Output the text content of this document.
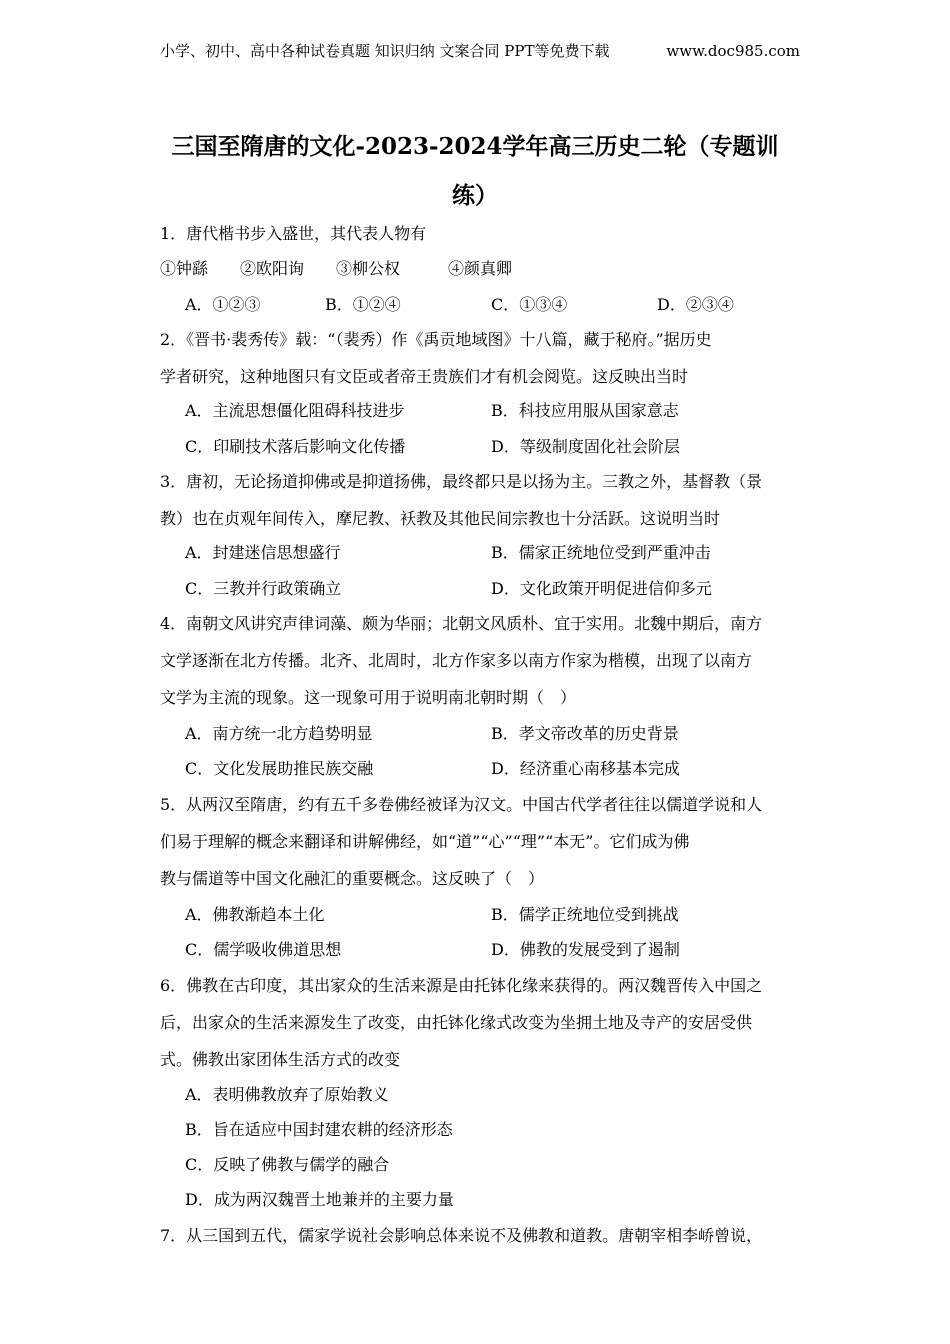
小学、初中、高中各种试卷真题 知识归纳 文案合同 PPT等免费下载	www.doc985.com
三国至隋唐的文化-2023-2024学年高三历史二轮（专题训
练）
1．唐代楷书步入盛世，其代表人物有
①钟繇　　②欧阳询　　③柳公权　　　④颜真卿
A．①②③	B．①②④	C．①③④	D．②③④
2．《晋书·裴秀传》载：“（裴秀）作《禹贡地域图》十八篇，藏于秘府。”据历史
学者研究，这种地图只有文臣或者帝王贵族们才有机会阅览。这反映出当时
A．主流思想僵化阻碍科技进步	B．科技应用服从国家意志
C．印刷技术落后影响文化传播	D．等级制度固化社会阶层
3．唐初，无论扬道抑佛或是抑道扬佛，最终都只是以扬为主。三教之外，基督教（景
教）也在贞观年间传入，摩尼教、袄教及其他民间宗教也十分活跃。这说明当时
A．封建迷信思想盛行	B．儒家正统地位受到严重冲击
C．三教并行政策确立	D．文化政策开明促进信仰多元
4．南朝文风讲究声律词藻、颇为华丽；北朝文风质朴、宜于实用。北魏中期后，南方
文学逐渐在北方传播。北齐、北周时，北方作家多以南方作家为楷模，出现了以南方
文学为主流的现象。这一现象可用于说明南北朝时期（　）
A．南方统一北方趋势明显	B．孝文帝改革的历史背景
C．文化发展助推民族交融	D．经济重心南移基本完成
5．从两汉至隋唐，约有五千多卷佛经被译为汉文。中国古代学者往往以儒道学说和人
们易于理解的概念来翻译和讲解佛经，如“道”“心”“理”“本无”。它们成为佛
教与儒道等中国文化融汇的重要概念。这反映了（　）
A．佛教渐趋本土化	B．儒学正统地位受到挑战
C．儒学吸收佛道思想	D．佛教的发展受到了遏制
6．佛教在古印度，其出家众的生活来源是由托钵化缘来获得的。两汉魏晋传入中国之
后，出家众的生活来源发生了改变，由托钵化缘式改变为坐拥土地及寺产的安居受供
式。佛教出家团体生活方式的改变
A．表明佛教放弃了原始教义
B．旨在适应中国封建农耕的经济形态
C．反映了佛教与儒学的融合
D．成为两汉魏晋土地兼并的主要力量
7．从三国到五代，儒家学说社会影响总体来说不及佛教和道教。唐朝宰相李峤曾说，
